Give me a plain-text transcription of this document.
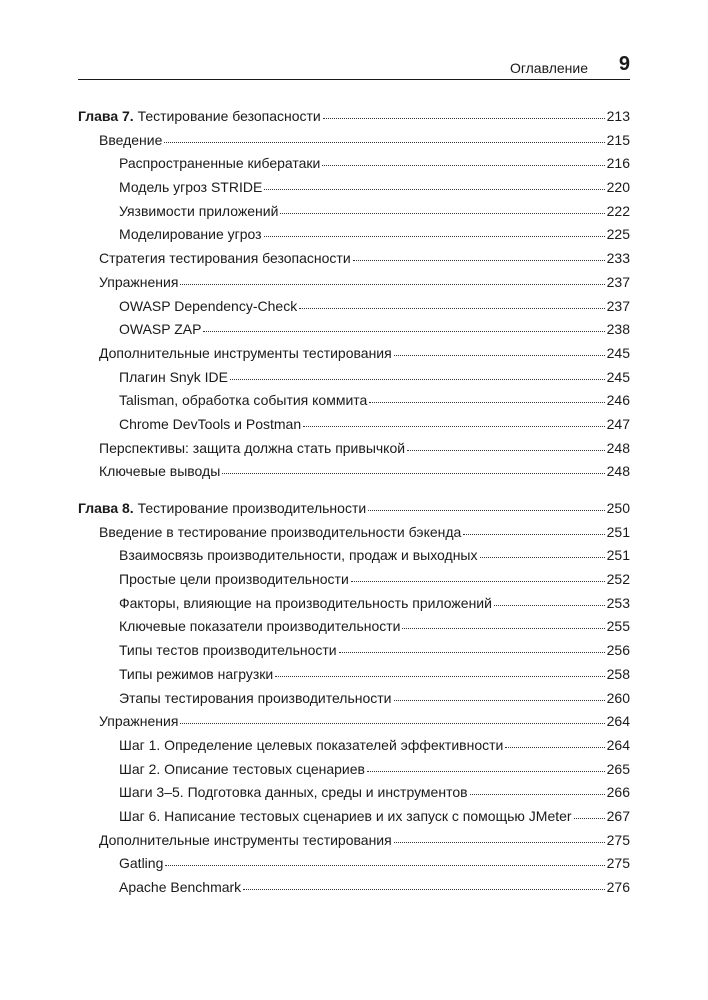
Оглавление 9
Глава 7. Тестирование безопасности	213
Введение	215
Распространенные кибератаки	216
Модель угроз STRIDE	220
Уязвимости приложений	222
Моделирование угроз	225
Стратегия тестирования безопасности	233
Упражнения	237
OWASP Dependency-Check	237
OWASP ZAP	238
Дополнительные инструменты тестирования	245
Плагин Snyk IDE	245
Talisman, обработка события коммита	246
Chrome DevTools и Postman	247
Перспективы: защита должна стать привычкой	248
Ключевые выводы	248
Глава 8. Тестирование производительности	250
Введение в тестирование производительности бэкенда	251
Взаимосвязь производительности, продаж и выходных	251
Простые цели производительности	252
Факторы, влияющие на производительность приложений	253
Ключевые показатели производительности	255
Типы тестов производительности	256
Типы режимов нагрузки	258
Этапы тестирования производительности	260
Упражнения	264
Шаг 1. Определение целевых показателей эффективности	264
Шаг 2. Описание тестовых сценариев	265
Шаги 3–5. Подготовка данных, среды и инструментов	266
Шаг 6. Написание тестовых сценариев и их запуск с помощью JMeter	267
Дополнительные инструменты тестирования	275
Gatling	275
Apache Benchmark	276
